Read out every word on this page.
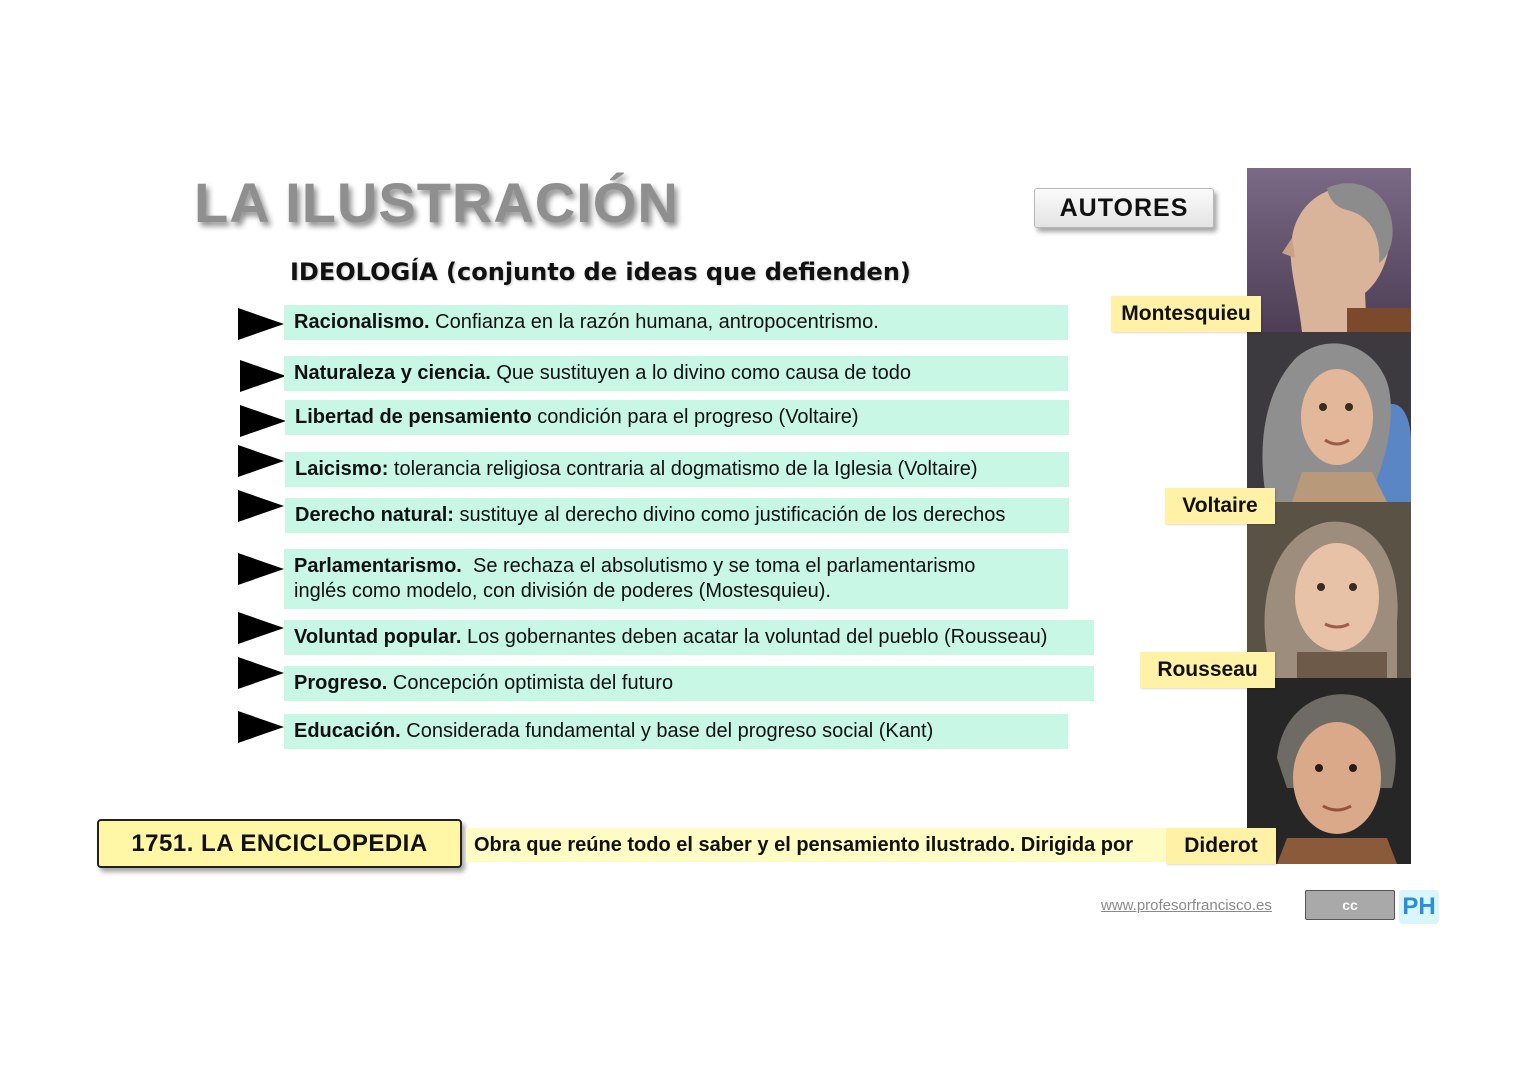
LA ILUSTRACIÓN
IDEOLOGÍA (conjunto de ideas que defienden)
Racionalismo. Confianza en la razón humana, antropocentrismo.
Naturaleza y ciencia. Que sustituyen a lo divino como causa de todo
Libertad de pensamiento condición para el progreso (Voltaire)
Laicismo: tolerancia religiosa contraria al dogmatismo de la Iglesia (Voltaire)
Derecho natural: sustituye al derecho divino como justificación de los derechos
Parlamentarismo.  Se rechaza el absolutismo y se toma el parlamentarismo inglés como modelo, con división de poderes (Mostesquieu).
Voluntad popular. Los gobernantes deben acatar la voluntad del pueblo (Rousseau)
Progreso. Concepción optimista del futuro
Educación. Considerada fundamental y base del progreso social (Kant)
AUTORES
Montesquieu
Voltaire
Rousseau
Diderot
1751. LA ENCICLOPEDIA	Obra que reúne todo el saber y el pensamiento ilustrado. Dirigida por
www.profesorfrancisco.es	cc PH
